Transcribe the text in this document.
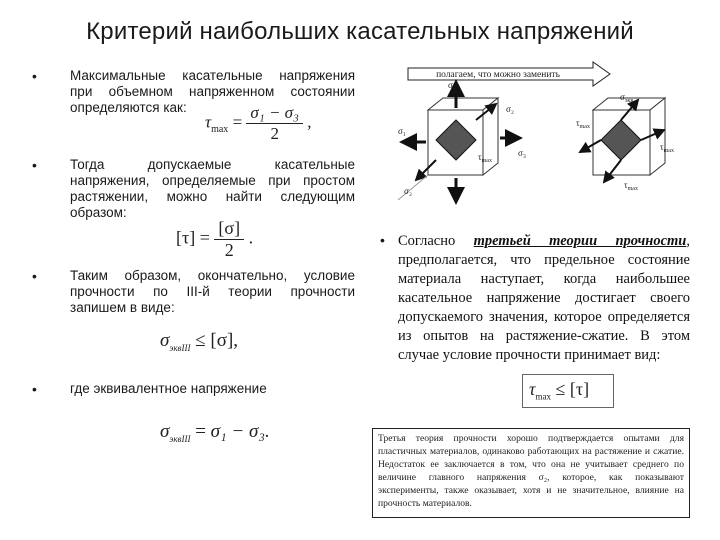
Критерий наибольших касательных напряжений
• Максимальные касательные напряжения при объемном напряженном состоянии определяются как:
$\tau_{max} = \frac{\text{σ₁ − σ₃}}{2}$ ,
• Тогда допускаемые касательные напряжения, определяемые при простом растяжении, можно найти следующим образом:
$[\tau] = \frac{[\sigma]}{2}$ .
• Таким образом, окончательно, условие прочности по III-й теории прочности запишем в виде:
$\sigma_{эквIII} \le [\sigma]$,
• где эквивалентное напряжение
$\sigma_{эквIII} = \sigma_1 - \sigma_3$.
полагаем, что можно заменить
σ₁
σ₁
σ₂
σ₃
σ₂
$\tau_{max}$
$\sigma_{экв}$
$\tau_{max}$
$\tau_{max}$
$\tau_{max}$
• Согласно третьей теории прочности, предполагается, что предельное состояние материала наступает, когда наибольшее касательное напряжение достигает своего допускаемого значения, которое определяется из опытов на растяжение-сжатие. В этом случае условие прочности принимает вид:
$\tau_{max} \le [\tau]$
Третья теория прочности хорошо подтверждается опытами для пластичных материалов, одинаково работающих на растяжение и сжатие. Недостаток ее заключается в том, что она не учитывает среднего по величине главного напряжения σ₂, которое, как показывают эксперименты, также оказывает, хотя и не значительное, влияние на прочность материалов.
